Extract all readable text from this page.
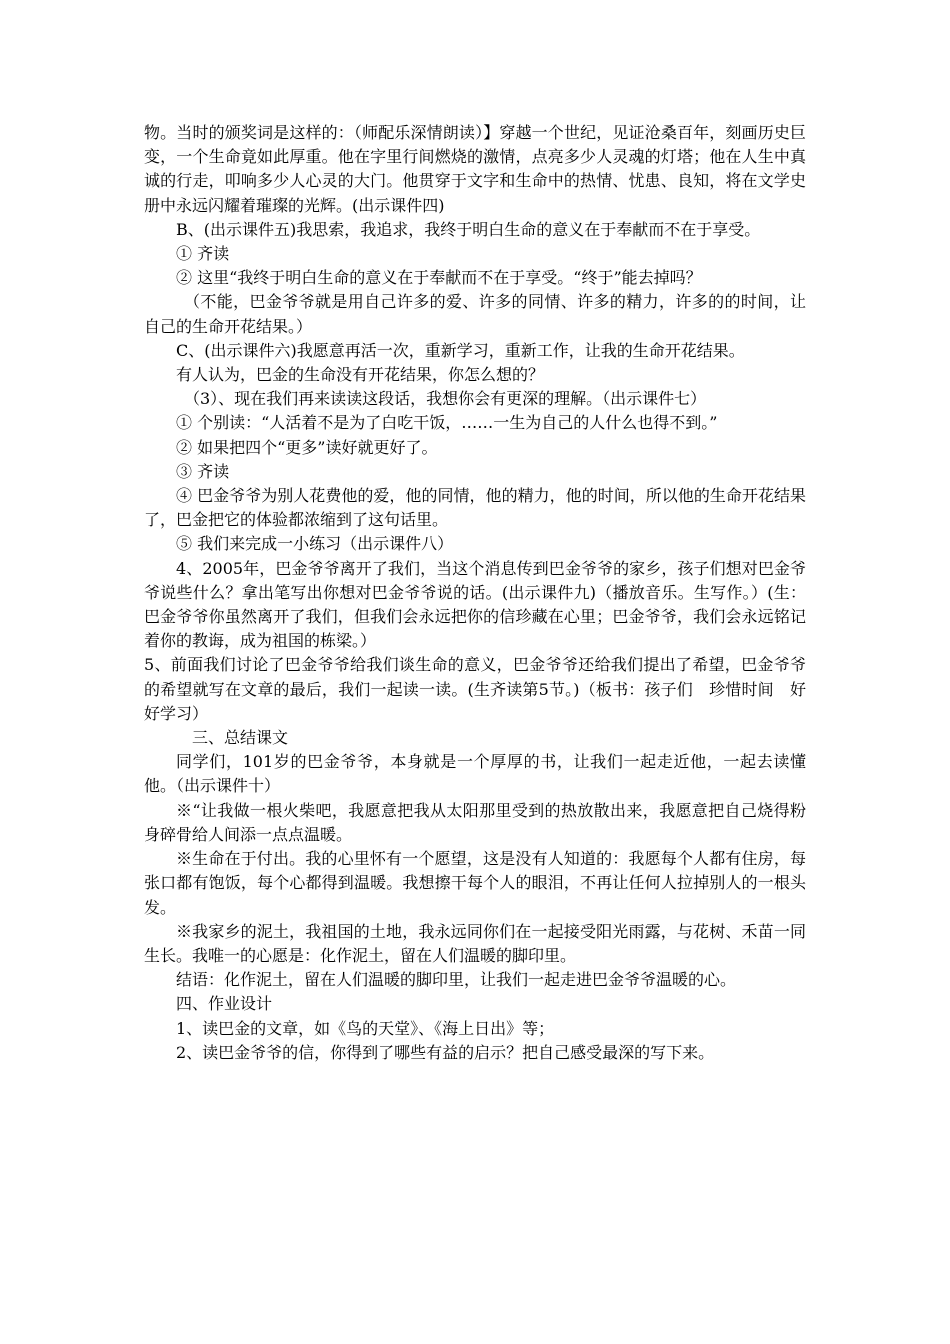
物。当时的颁奖词是这样的：（师配乐深情朗读）】穿越一个世纪，见证沧桑百年，刻画历史巨变，一个生命竟如此厚重。他在字里行间燃烧的激情，点亮多少人灵魂的灯塔；他在人生中真诚的行走，叩响多少人心灵的大门。他贯穿于文字和生命中的热情、忧患、良知，将在文学史册中永远闪耀着璀璨的光辉。(出示课件四)

B、(出示课件五)我思索，我追求，我终于明白生命的意义在于奉献而不在于享受。

① 齐读

② 这里“我终于明白生命的意义在于奉献而不在于享受。“终于”能去掉吗？

（不能，巴金爷爷就是用自己许多的爱、许多的同情、许多的精力，许多的的时间，让自己的生命开花结果。）

C、(出示课件六)我愿意再活一次，重新学习，重新工作，让我的生命开花结果。

有人认为，巴金的生命没有开花结果，你怎么想的？

（3）、现在我们再来读读这段话，我想你会有更深的理解。（出示课件七）

① 个别读：“人活着不是为了白吃干饭，……一生为自己的人什么也得不到。”

② 如果把四个“更多”读好就更好了。

③ 齐读

④ 巴金爷爷为别人花费他的爱，他的同情，他的精力，他的时间，所以他的生命开花结果了，巴金把它的体验都浓缩到了这句话里。

⑤ 我们来完成一小练习（出示课件八）

4、2005年，巴金爷爷离开了我们，当这个消息传到巴金爷爷的家乡，孩子们想对巴金爷爷说些什么？拿出笔写出你想对巴金爷爷说的话。(出示课件九)（播放音乐。生写作。）(生：巴金爷爷你虽然离开了我们，但我们会永远把你的信珍藏在心里；巴金爷爷，我们会永远铭记着你的教诲，成为祖国的栋梁。）

5、前面我们讨论了巴金爷爷给我们谈生命的意义，巴金爷爷还给我们提出了希望，巴金爷爷的希望就写在文章的最后，我们一起读一读。(生齐读第5节。)（板书：孩子们　珍惜时间　好好学习）

三、总结课文

同学们，101岁的巴金爷爷，本身就是一个厚厚的书，让我们一起走近他，一起去读懂他。（出示课件十）

※“让我做一根火柴吧，我愿意把我从太阳那里受到的热放散出来，我愿意把自己烧得粉身碎骨给人间添一点点温暖。

※生命在于付出。我的心里怀有一个愿望，这是没有人知道的：我愿每个人都有住房，每张口都有饱饭，每个心都得到温暖。我想擦干每个人的眼泪，不再让任何人拉掉别人的一根头发。

※我家乡的泥土，我祖国的土地，我永远同你们在一起接受阳光雨露，与花树、禾苗一同生长。我唯一的心愿是：化作泥土，留在人们温暖的脚印里。

结语：化作泥土，留在人们温暖的脚印里，让我们一起走进巴金爷爷温暖的心。

四、作业设计

1、读巴金的文章，如《鸟的天堂》、《海上日出》等；

2、读巴金爷爷的信，你得到了哪些有益的启示？把自己感受最深的写下来。
